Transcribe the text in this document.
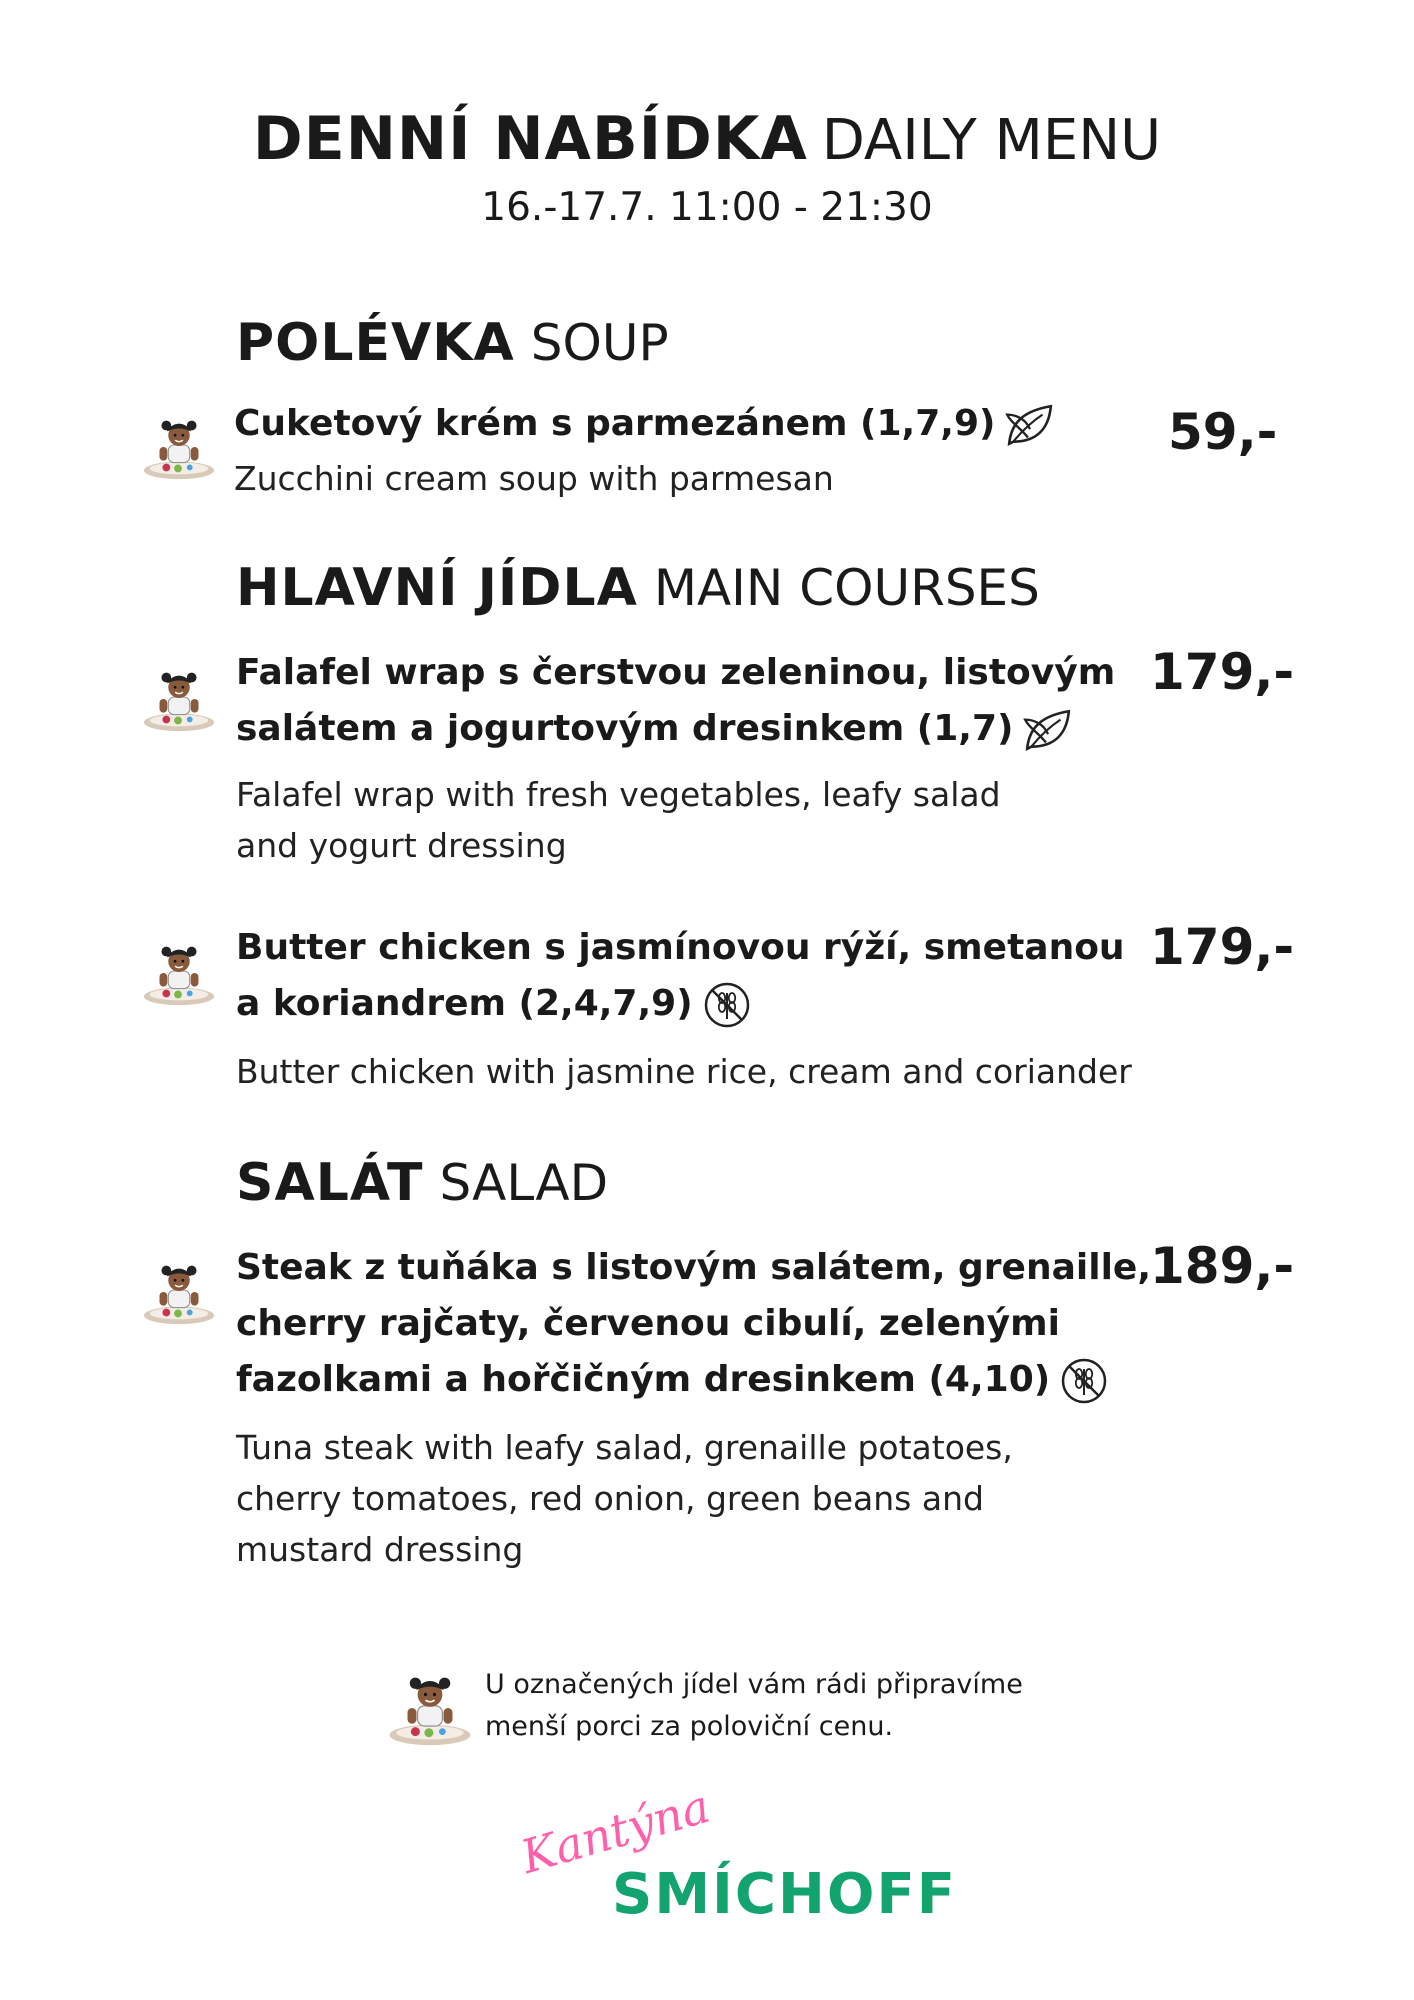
DENNÍ NABÍDKA DAILY MENU
16.-17.7. 11:00 - 21:30
POLÉVKA SOUP
Cuketový krém s parmezánem (1,7,9)
Zucchini cream soup with parmesan
59,-
HLAVNÍ JÍDLA MAIN COURSES
Falafel wrap s čerstvou zeleninou, listovým
salátem a jogurtovým dresinkem (1,7)
Falafel wrap with fresh vegetables, leafy salad
and yogurt dressing
179,-
Butter chicken s jasmínovou rýží, smetanou
a koriandrem (2,4,7,9)
Butter chicken with jasmine rice, cream and coriander
179,-
SALÁT SALAD
Steak z tuňáka s listovým salátem, grenaille,
cherry rajčaty, červenou cibulí, zelenými
fazolkami a hořčičným dresinkem (4,10)
Tuna steak with leafy salad, grenaille potatoes,
cherry tomatoes, red onion, green beans and
mustard dressing
189,-
U označených jídel vám rádi připravíme
menší porci za poloviční cenu.
Kantýna
SMÍCHOFF
